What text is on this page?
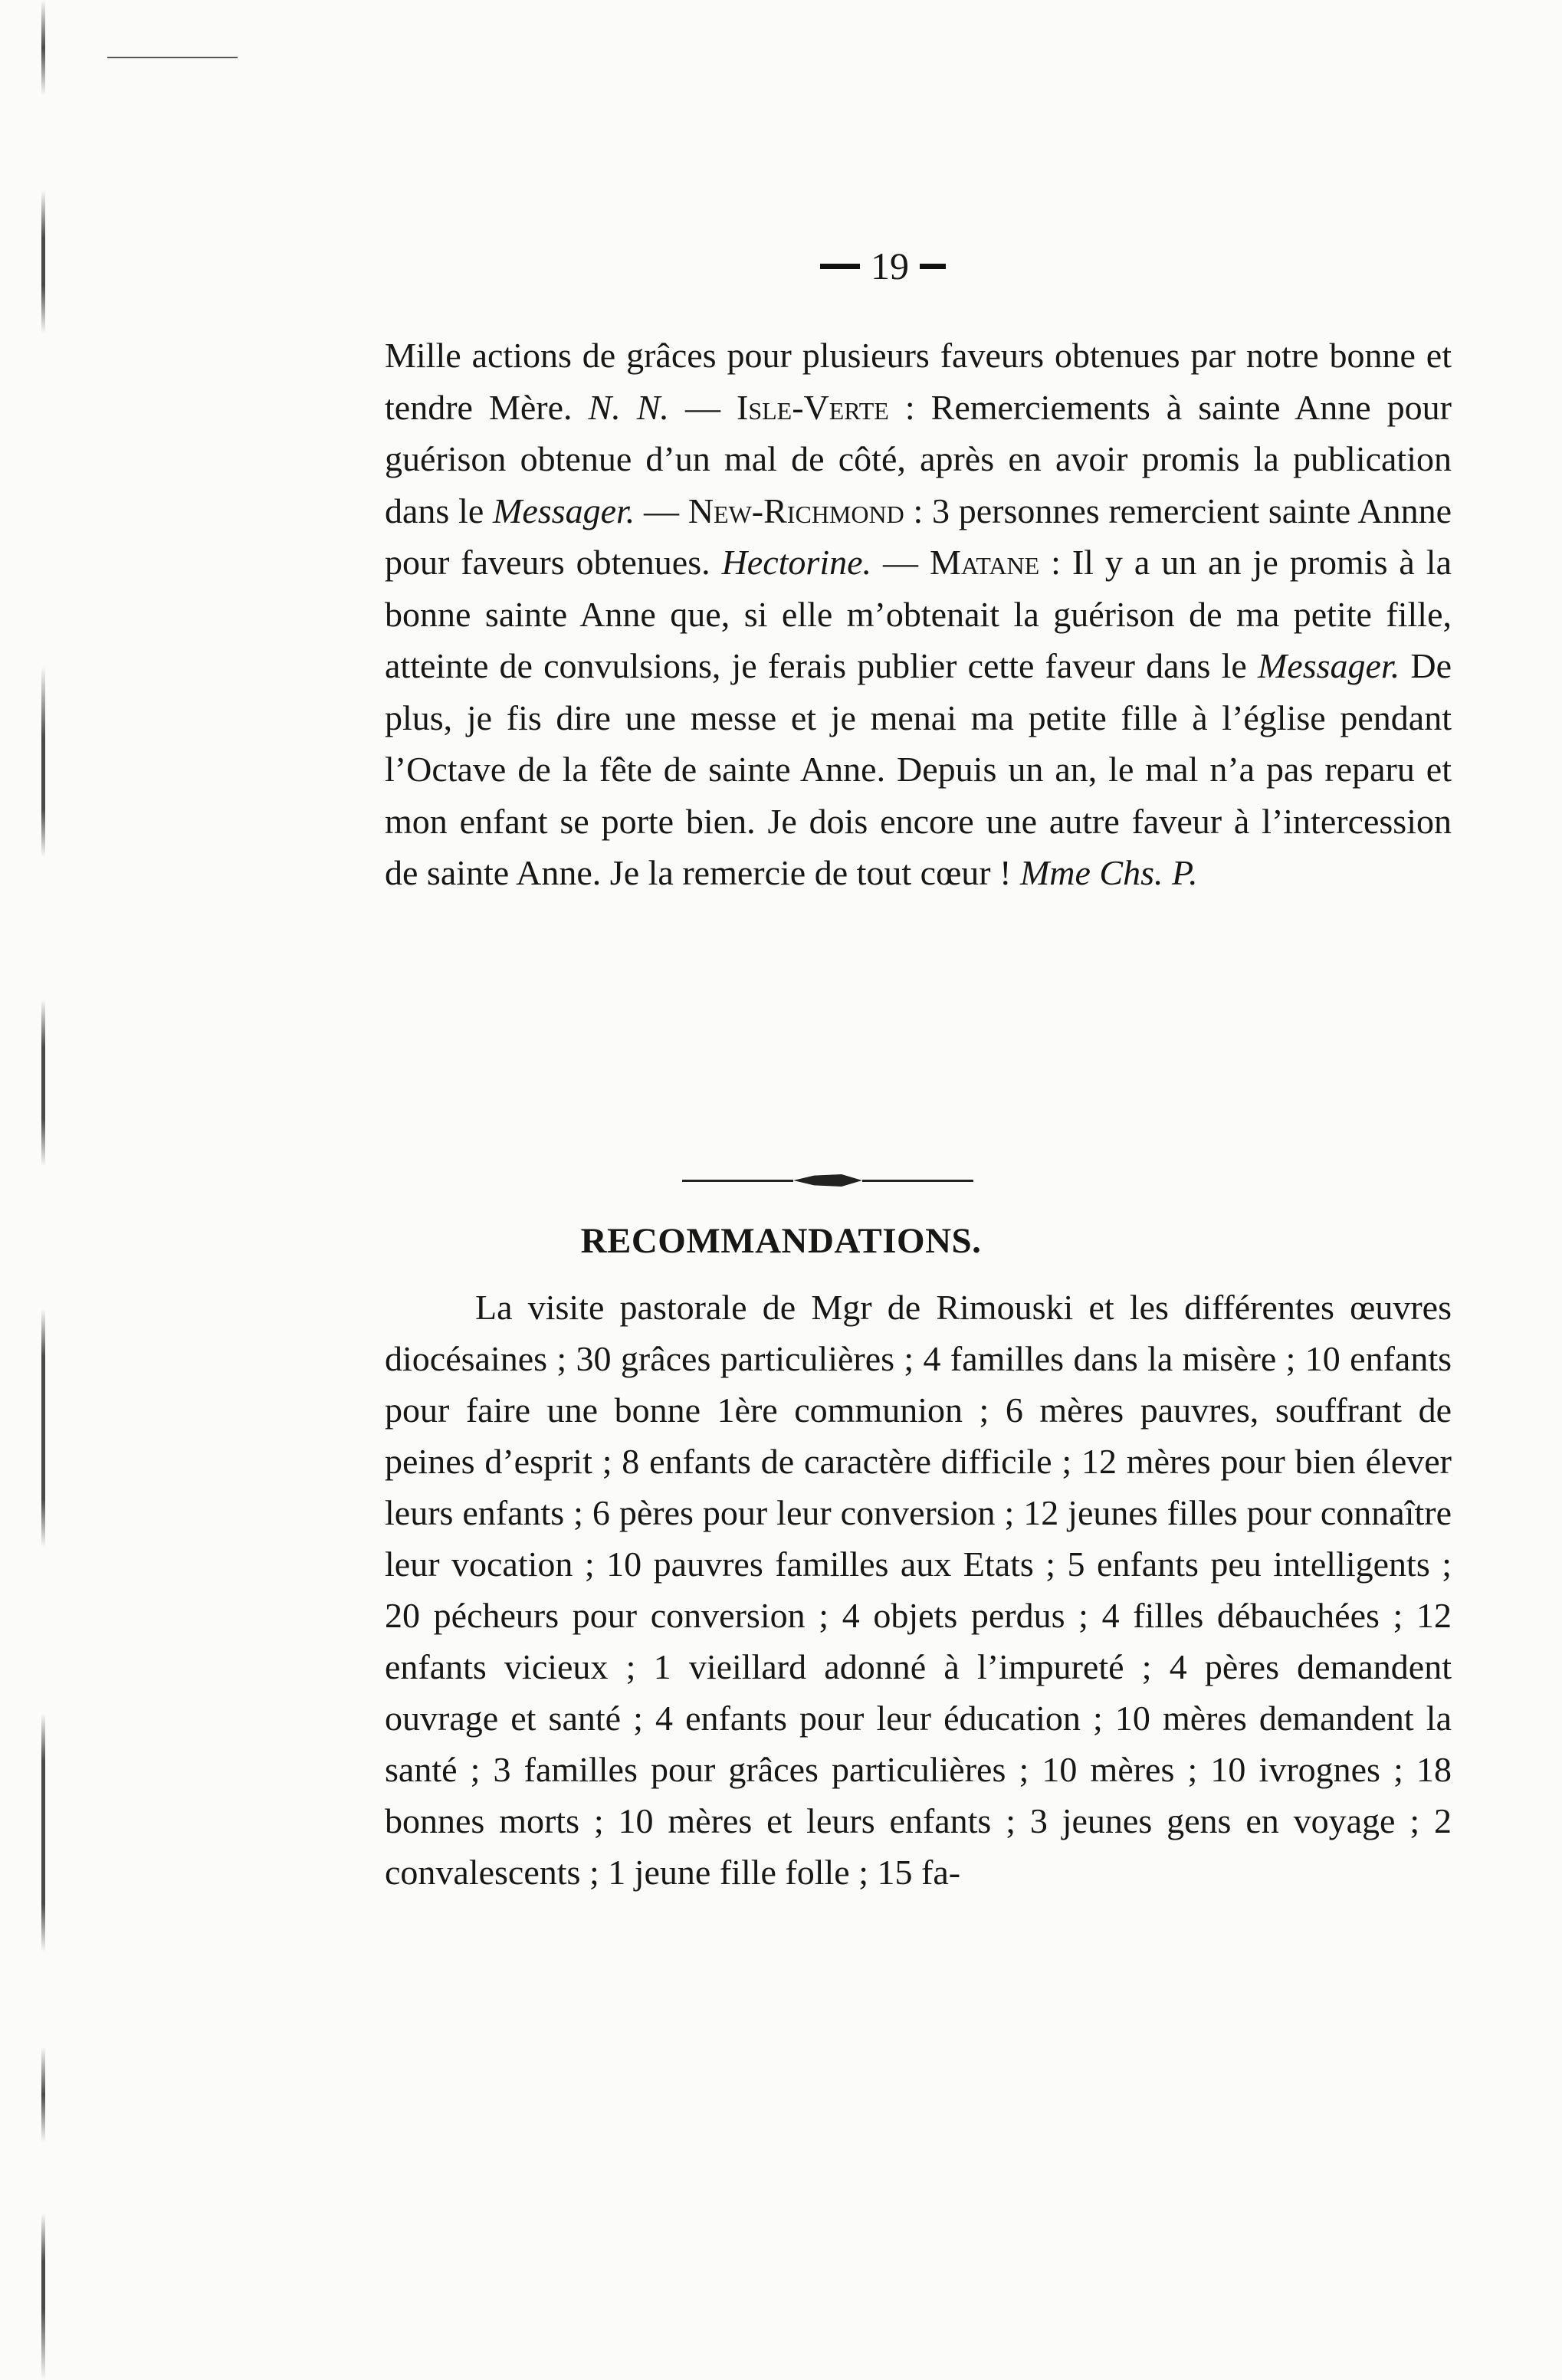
19

Mille actions de grâces pour plusieurs faveurs obtenues par notre bonne et tendre Mère. N. N. — Isle-Verte : Remerciements à sainte Anne pour guérison obtenue d’un mal de côté, après en avoir promis la publication dans le Messager. — New-Richmond : 3 personnes remercient sainte Annne pour faveurs obtenues. Hectorine. — Matane : Il y a un an je promis à la bonne sainte Anne que, si elle m’obtenait la guérison de ma petite fille, atteinte de convulsions, je ferais publier cette faveur dans le Messager. De plus, je fis dire une messe et je menai ma petite fille à l’église pendant l’Octave de la fête de sainte Anne. Depuis un an, le mal n’a pas reparu et mon enfant se porte bien. Je dois encore une autre faveur à l’intercession de sainte Anne. Je la remercie de tout cœur ! Mme Chs. P.

RECOMMANDATIONS.

La visite pastorale de Mgr de Rimouski et les différentes œuvres diocésaines ; 30 grâces particulières ; 4 familles dans la misère ; 10 enfants pour faire une bonne 1ère communion ; 6 mères pauvres, souffrant de peines d’esprit ; 8 enfants de caractère difficile ; 12 mères pour bien élever leurs enfants ; 6 pères pour leur conversion ; 12 jeunes filles pour connaître leur vocation ; 10 pauvres familles aux Etats ; 5 enfants peu intelligents ; 20 pécheurs pour conversion ; 4 objets perdus ; 4 filles débauchées ; 12 enfants vicieux ; 1 vieillard adonné à l’impureté ; 4 pères demandent ouvrage et santé ; 4 enfants pour leur éducation ; 10 mères demandent la santé ; 3 familles pour grâces particulières ; 10 mères ; 10 ivrognes ; 18 bonnes morts ; 10 mères et leurs enfants ; 3 jeunes gens en voyage ; 2 convalescents ; 1 jeune fille folle ; 15 fa-
